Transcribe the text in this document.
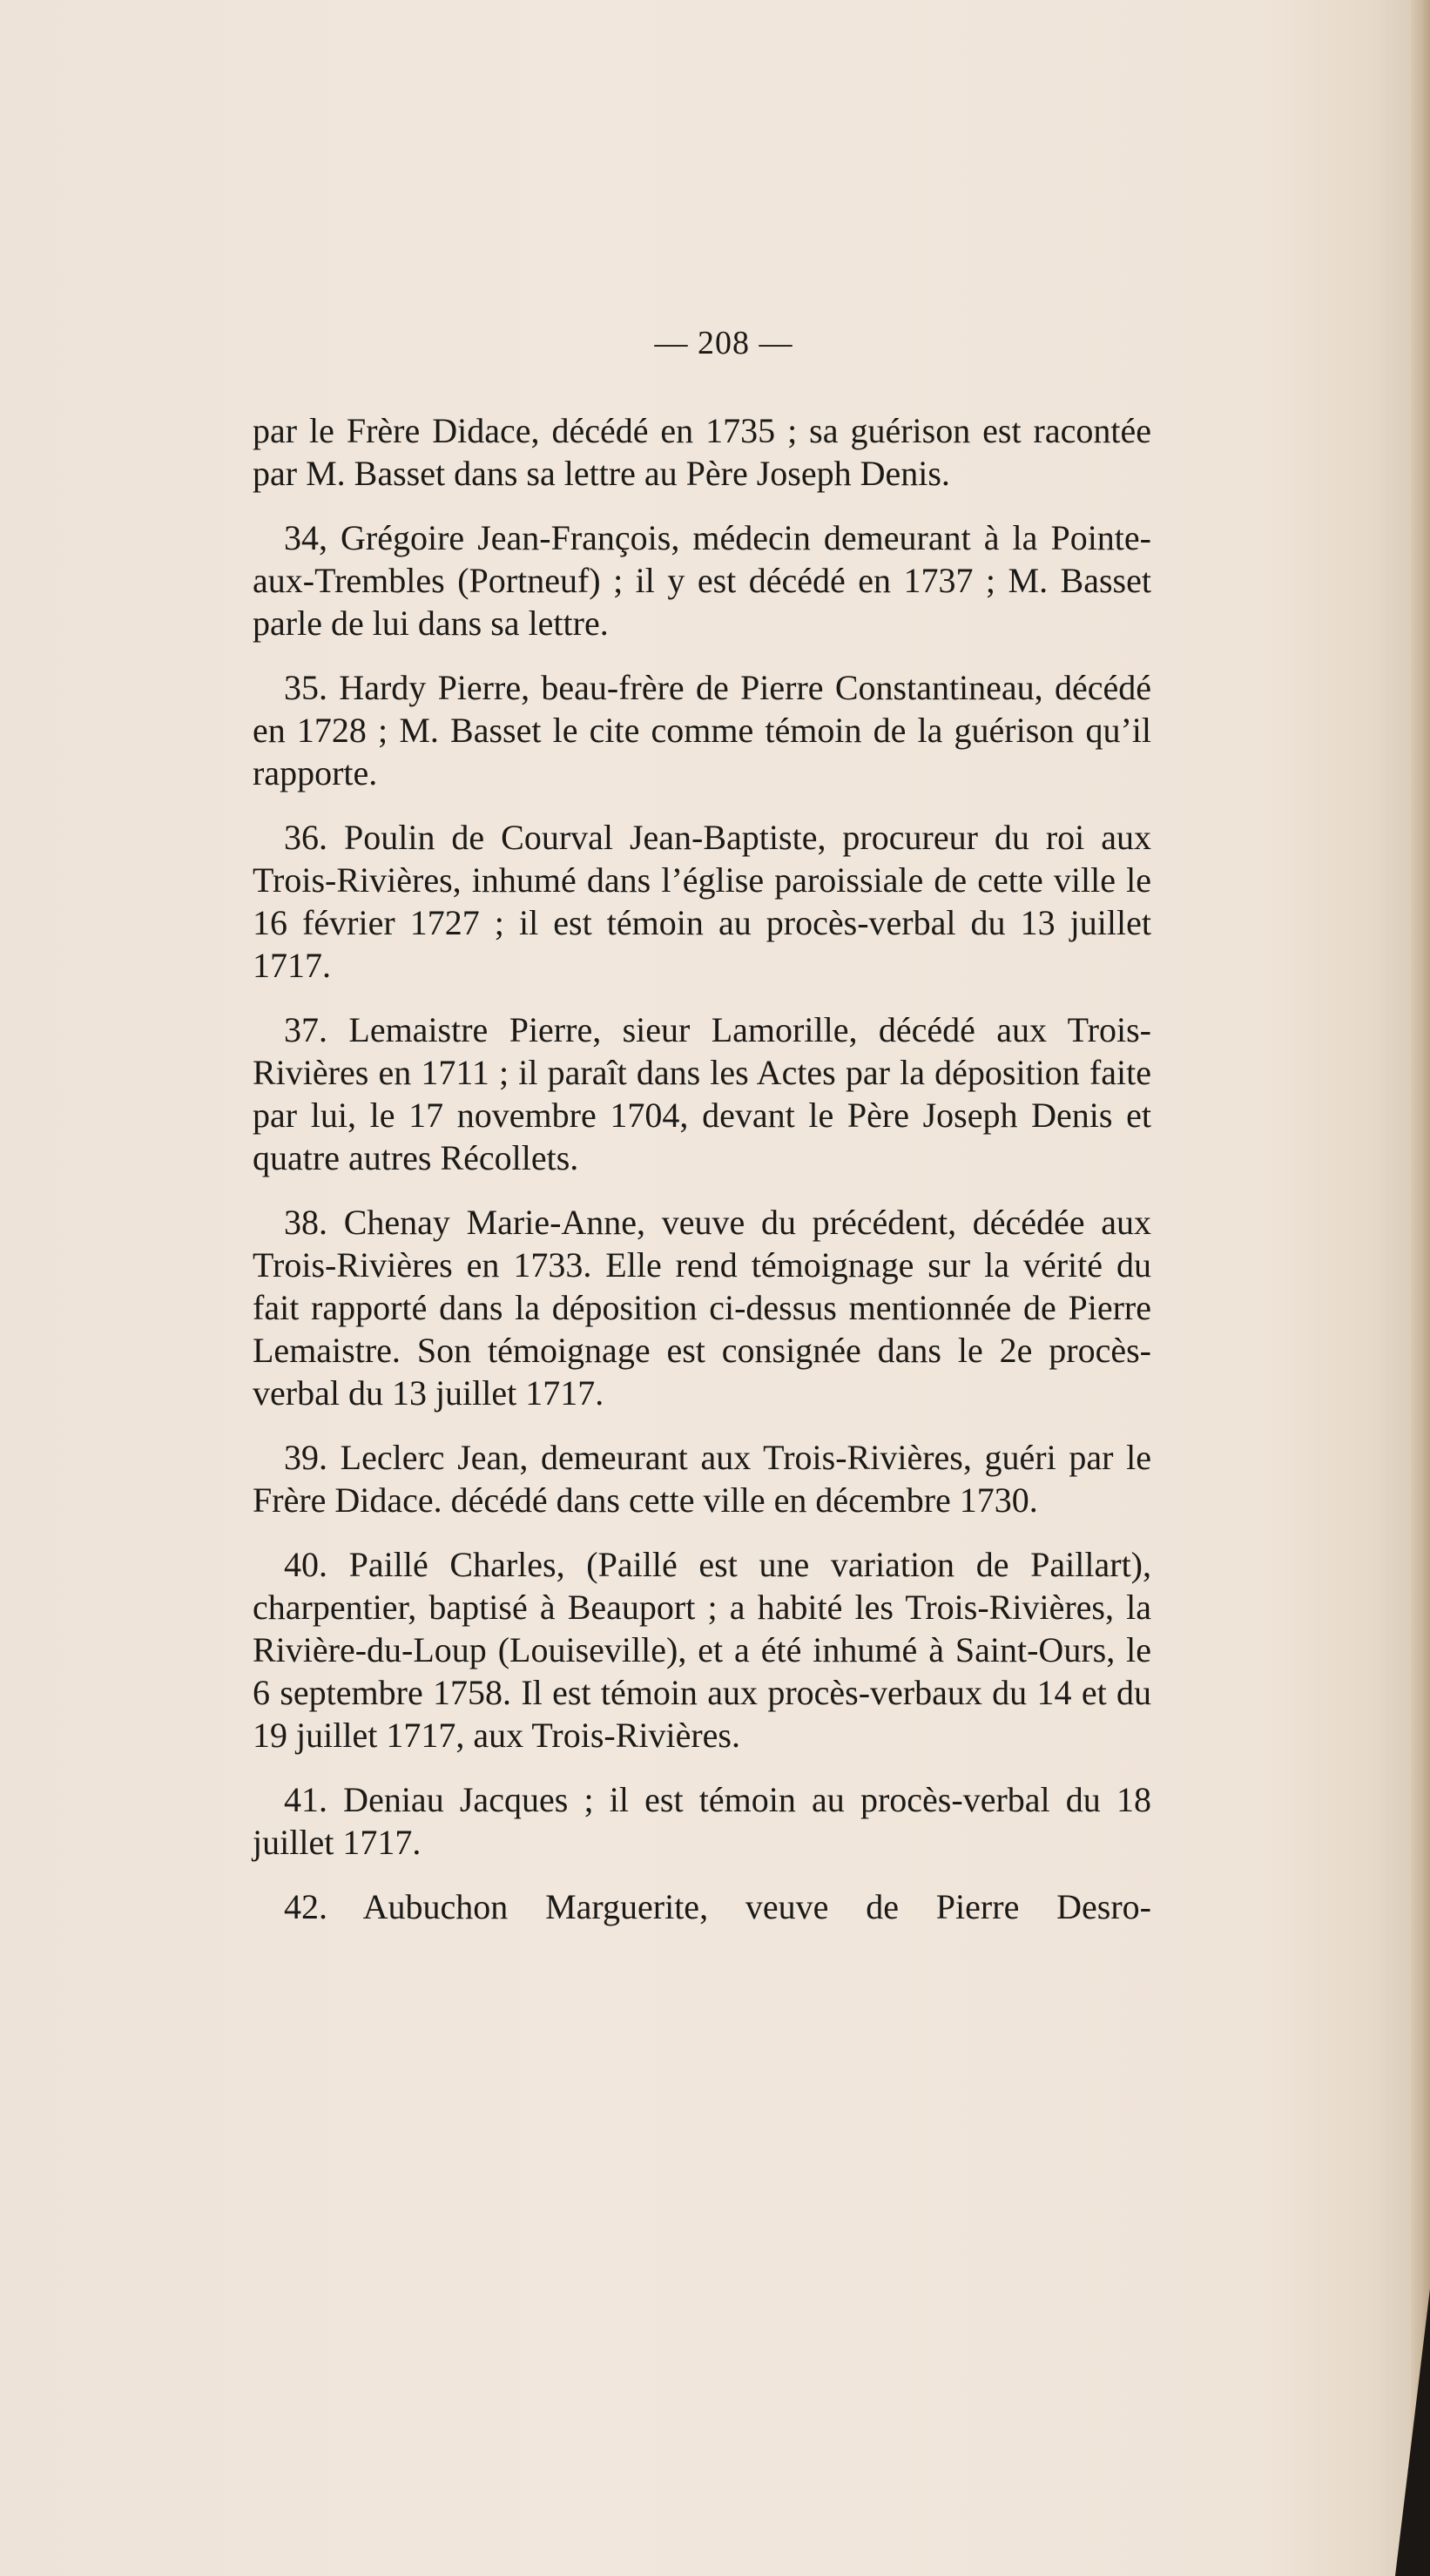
— 208 —

par le Frère Didace, décédé en 1735 ; sa guérison est racontée par M. Basset dans sa lettre au Père Joseph Denis.

34, Grégoire Jean-François, médecin demeurant à la Pointe-aux-Trembles (Portneuf) ; il y est décédé en 1737 ; M. Basset parle de lui dans sa lettre.

35. Hardy Pierre, beau-frère de Pierre Constantineau, décédé en 1728 ; M. Basset le cite comme témoin de la guérison qu’il rapporte.

36. Poulin de Courval Jean-Baptiste, procureur du roi aux Trois-Rivières, inhumé dans l’église paroissiale de cette ville le 16 février 1727 ; il est témoin au procès-verbal du 13 juillet 1717.

37. Lemaistre Pierre, sieur Lamorille, décédé aux Trois-Rivières en 1711 ; il paraît dans les Actes par la déposition faite par lui, le 17 novembre 1704, devant le Père Joseph Denis et quatre autres Récollets.

38. Chenay Marie-Anne, veuve du précédent, décédée aux Trois-Rivières en 1733. Elle rend témoignage sur la vérité du fait rapporté dans la déposition ci-dessus mentionnée de Pierre Lemaistre. Son témoignage est consignée dans le 2e procès-verbal du 13 juillet 1717.

39. Leclerc Jean, demeurant aux Trois-Rivières, guéri par le Frère Didace. décédé dans cette ville en décembre 1730.

40. Paillé Charles, (Paillé est une variation de Paillart), charpentier, baptisé à Beauport ; a habité les Trois-Rivières, la Rivière-du-Loup (Louiseville), et a été inhumé à Saint-Ours, le 6 septembre 1758. Il est témoin aux procès-verbaux du 14 et du 19 juillet 1717, aux Trois-Rivières.

41. Deniau Jacques ; il est témoin au procès-verbal du 18 juillet 1717.

42. Aubuchon Marguerite, veuve de Pierre Desro-
